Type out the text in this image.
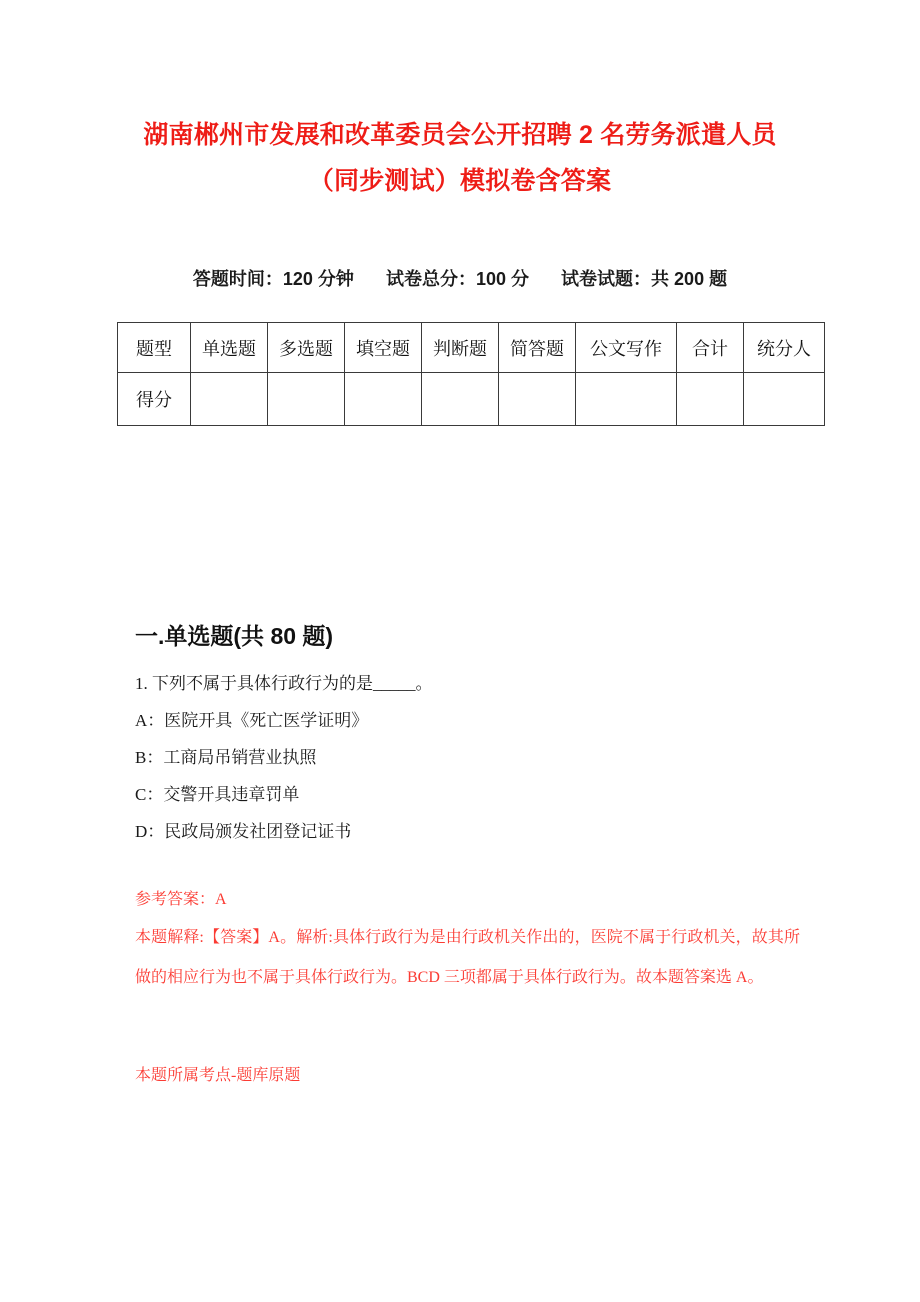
湖南郴州市发展和改革委员会公开招聘 2 名劳务派遣人员（同步测试）模拟卷含答案
答题时间：120 分钟 试卷总分：100 分 试卷试题：共 200 题
题型	单选题	多选题	填空题	判断题	简答题	公文写作	合计	统分人
得分								
一.单选题(共 80 题)
1. 下列不属于具体行政行为的是_____。
A：医院开具《死亡医学证明》
B：工商局吊销营业执照
C：交警开具违章罚单
D：民政局颁发社团登记证书
参考答案：A
本题解释:【答案】A。解析:具体行政行为是由行政机关作出的，医院不属于行政机关，故其所做的相应行为也不属于具体行政行为。BCD 三项都属于具体行政行为。故本题答案选 A。
本题所属考点-题库原题
